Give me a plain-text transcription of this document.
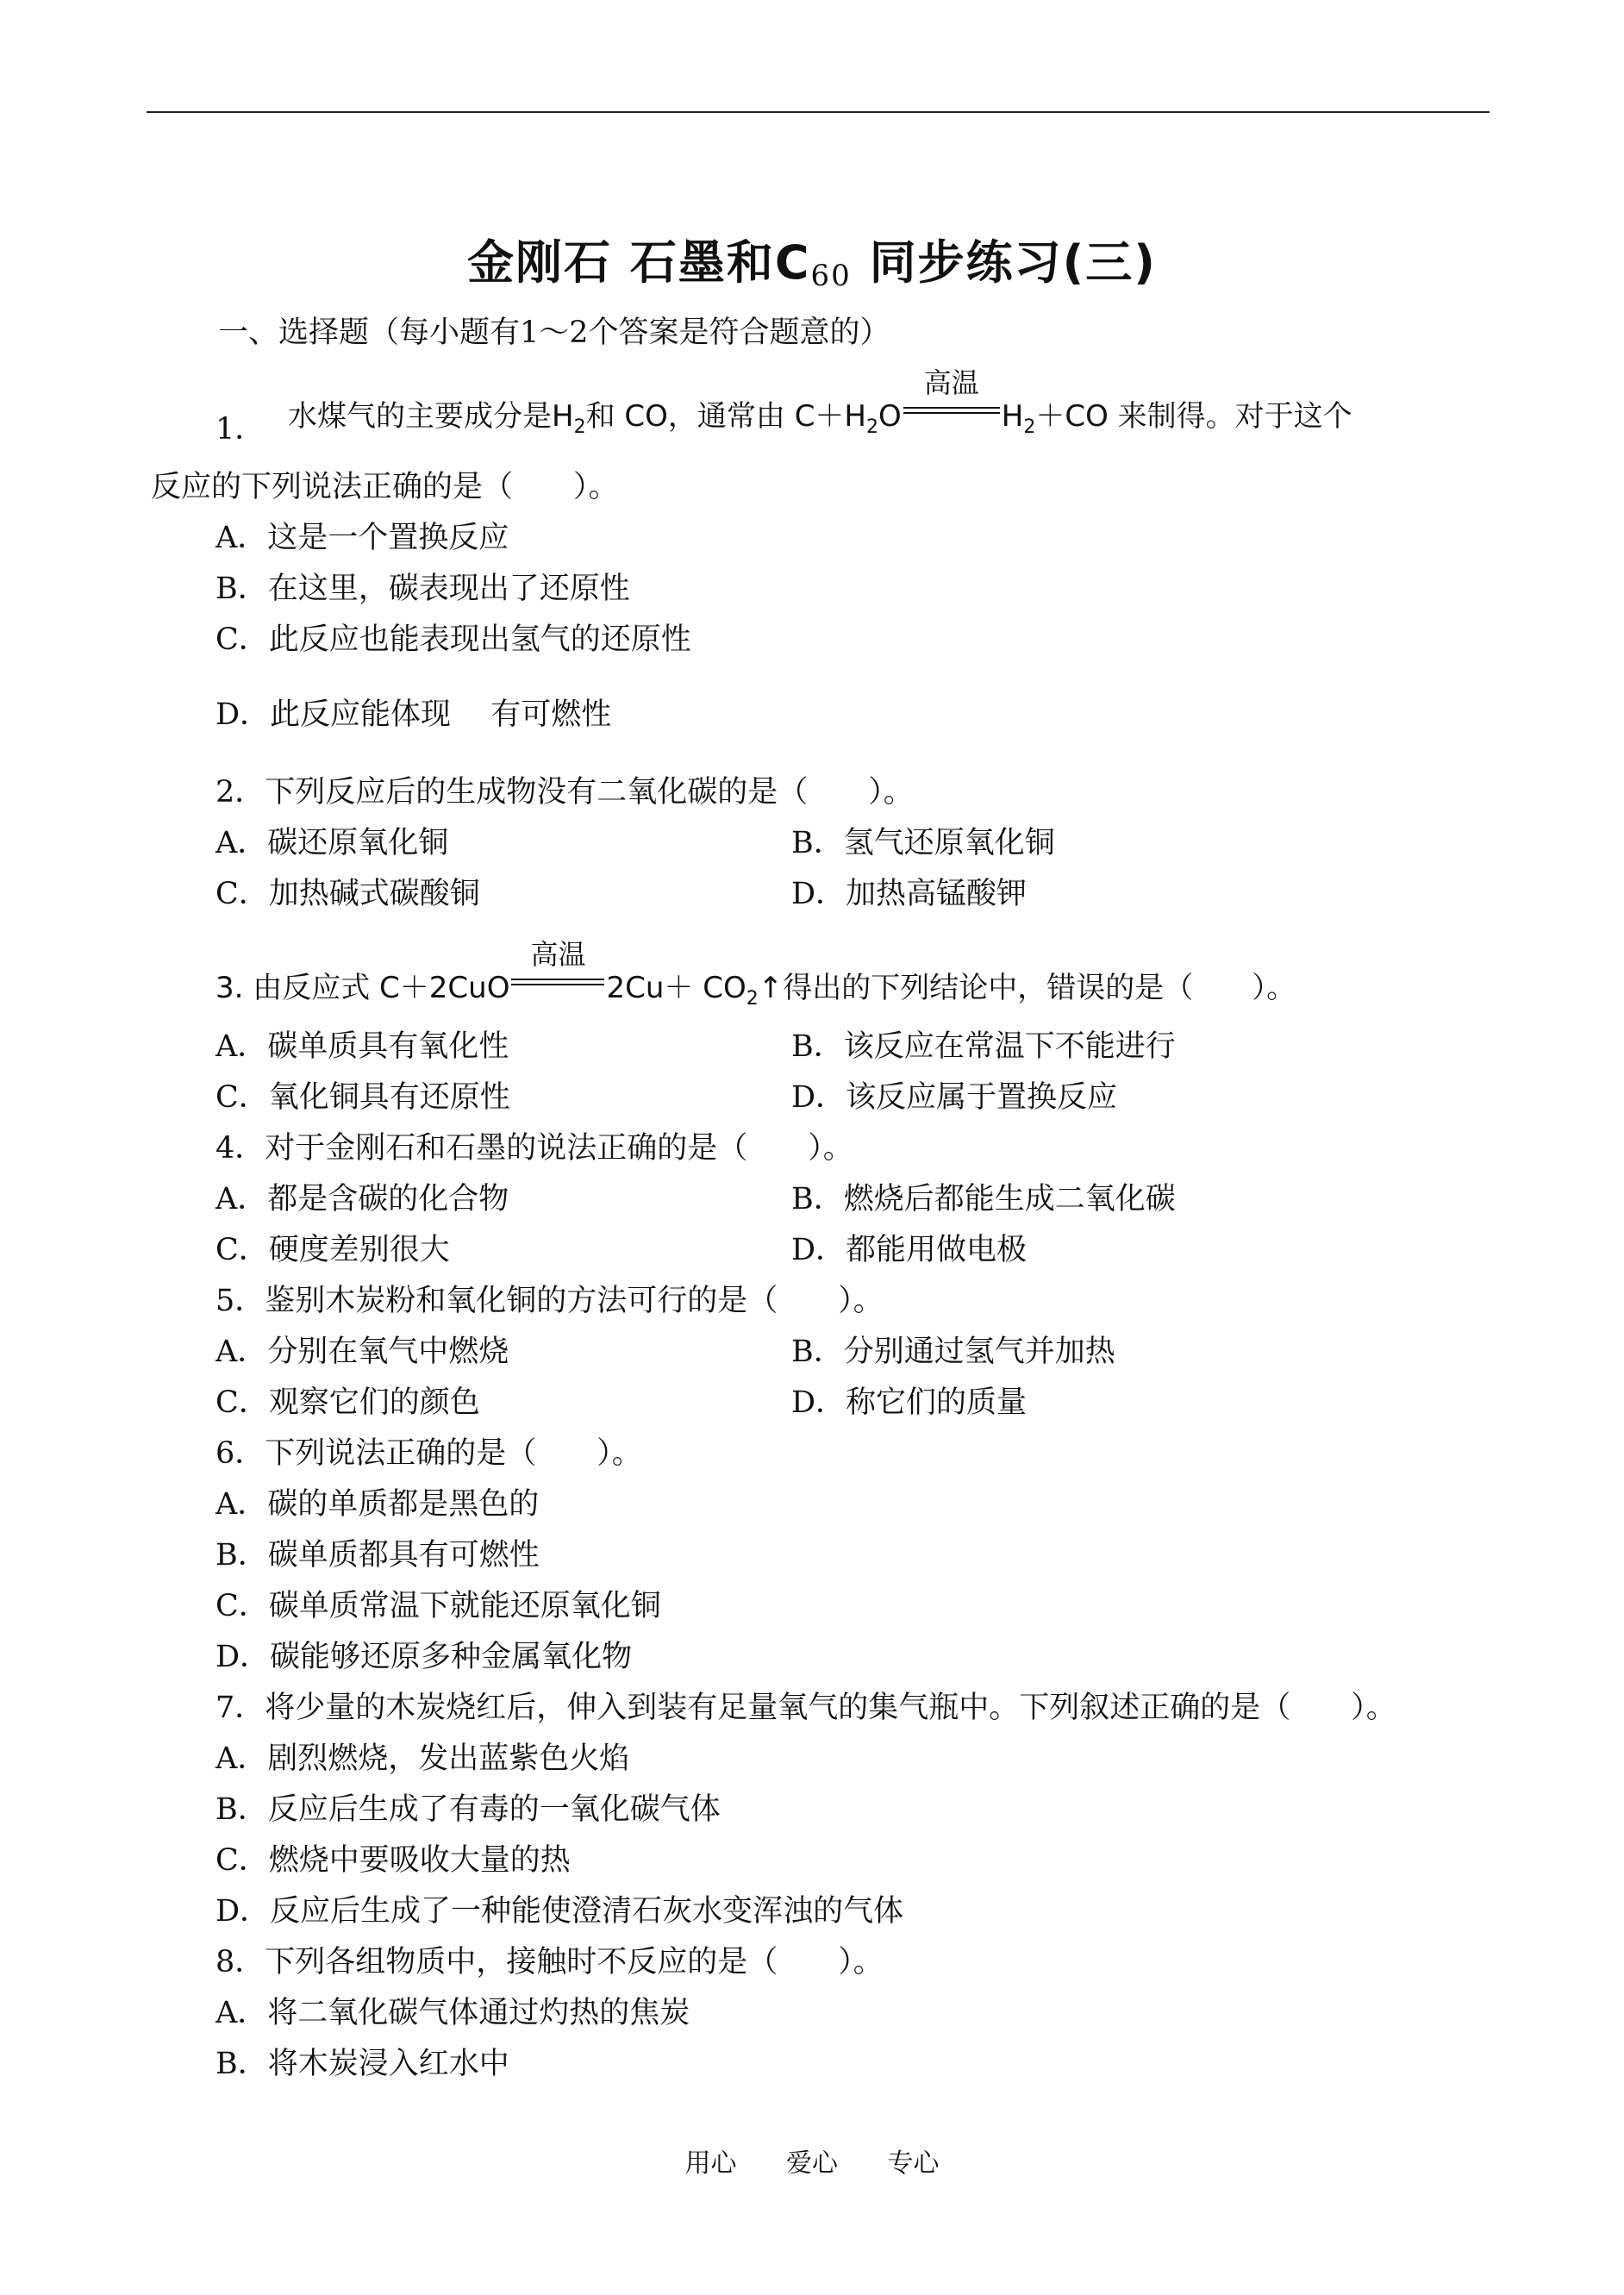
金刚石 石墨和$C_{60}$ 同步练习(三)
一、选择题（每小题有1～2个答案是符合题意的）
1． 水煤气的主要成分是$H_2$和 CO，通常由 $C+H_2O$
高温
$H_2+CO$ 来制得。对于这个
反应的下列说法正确的是（　　）。
A．这是一个置换反应
B．在这里，碳表现出了还原性
C．此反应也能表现出氢气的还原性
D．此反应能体现　 有可燃性
2．下列反应后的生成物没有二氧化碳的是（　　）。
A．碳还原氧化铜	B．氢气还原氧化铜
C．加热碱式碳酸铜	D．加热高锰酸钾
3. 由反应式 C＋2CuO
高温
$2Cu+ CO_2↑$得出的下列结论中，错误的是（　　）。
A．碳单质具有氧化性	B．该反应在常温下不能进行
C．氧化铜具有还原性	D．该反应属于置换反应
4．对于金刚石和石墨的说法正确的是（　　）。
A．都是含碳的化合物	B．燃烧后都能生成二氧化碳
C．硬度差别很大	D．都能用做电极
5．鉴别木炭粉和氧化铜的方法可行的是（　　）。
A．分别在氧气中燃烧	B．分别通过氢气并加热
C．观察它们的颜色	D．称它们的质量
6．下列说法正确的是（　　）。
A．碳的单质都是黑色的
B．碳单质都具有可燃性
C．碳单质常温下就能还原氧化铜
D．碳能够还原多种金属氧化物
7．将少量的木炭烧红后，伸入到装有足量氧气的集气瓶中。下列叙述正确的是（　　）。
A．剧烈燃烧，发出蓝紫色火焰
B．反应后生成了有毒的一氧化碳气体
C．燃烧中要吸收大量的热
D．反应后生成了一种能使澄清石灰水变浑浊的气体
8．下列各组物质中，接触时不反应的是（　　）。
A．将二氧化碳气体通过灼热的焦炭
B．将木炭浸入红水中
用心 爱心 专心
